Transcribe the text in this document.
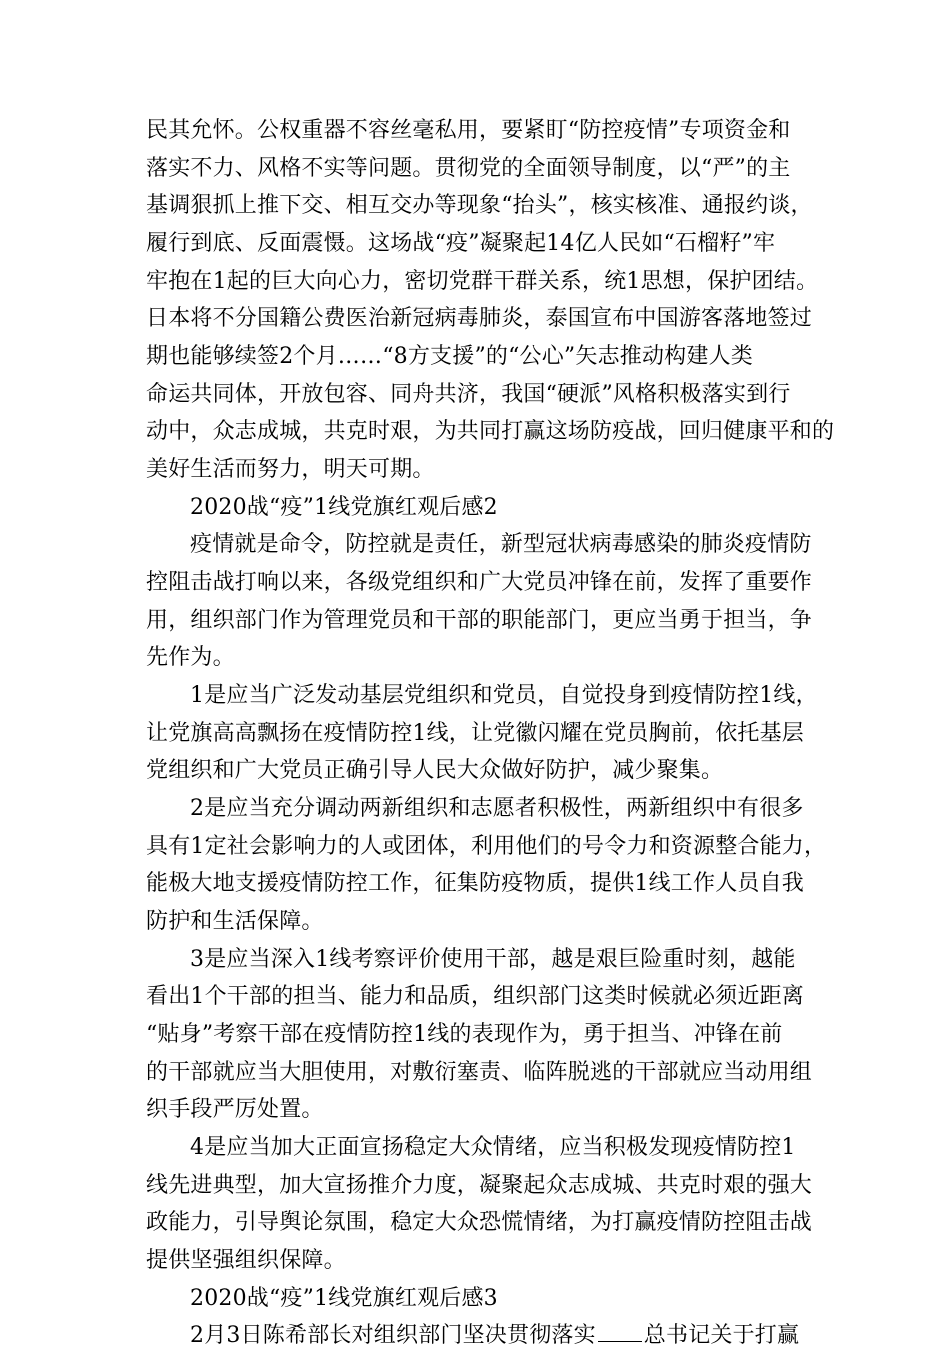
民其允怀。公权重器不容丝毫私用，要紧盯“防控疫情”专项资金和
落实不力、风格不实等问题。贯彻党的全面领导制度，以“严”的主
基调狠抓上推下交、相互交办等现象“抬头”，核实核准、通报约谈，
履行到底、反面震慑。这场战“疫”凝聚起14亿人民如“石榴籽”牢
牢抱在1起的巨大向心力，密切党群干群关系，统1思想，保护团结。
日本将不分国籍公费医治新冠病毒肺炎，泰国宣布中国游客落地签过
期也能够续签2个月……“8方支援”的“公心”矢志推动构建人类
命运共同体，开放包容、同舟共济，我国“硬派”风格积极落实到行
动中，众志成城，共克时艰，为共同打赢这场防疫战，回归健康平和的
美好生活而努力，明天可期。
2020战“疫”1线党旗红观后感2
疫情就是命令，防控就是责任，新型冠状病毒感染的肺炎疫情防
控阻击战打响以来，各级党组织和广大党员冲锋在前，发挥了重要作
用，组织部门作为管理党员和干部的职能部门，更应当勇于担当，争
先作为。
1是应当广泛发动基层党组织和党员，自觉投身到疫情防控1线，
让党旗高高飘扬在疫情防控1线，让党徽闪耀在党员胸前，依托基层
党组织和广大党员正确引导人民大众做好防护，减少聚集。
2是应当充分调动两新组织和志愿者积极性，两新组织中有很多
具有1定社会影响力的人或团体，利用他们的号令力和资源整合能力，
能极大地支援疫情防控工作，征集防疫物质，提供1线工作人员自我
防护和生活保障。
3是应当深入1线考察评价使用干部，越是艰巨险重时刻，越能
看出1个干部的担当、能力和品质，组织部门这类时候就必须近距离
“贴身”考察干部在疫情防控1线的表现作为，勇于担当、冲锋在前
的干部就应当大胆使用，对敷衍塞责、临阵脱逃的干部就应当动用组
织手段严厉处置。
4是应当加大正面宣扬稳定大众情绪，应当积极发现疫情防控1
线先进典型，加大宣扬推介力度，凝聚起众志成城、共克时艰的强大
政能力，引导舆论氛围，稳定大众恐慌情绪，为打赢疫情防控阻击战
提供坚强组织保障。
2020战“疫”1线党旗红观后感3
2月3日陈希部长对组织部门坚决贯彻落实 总书记关于打赢
